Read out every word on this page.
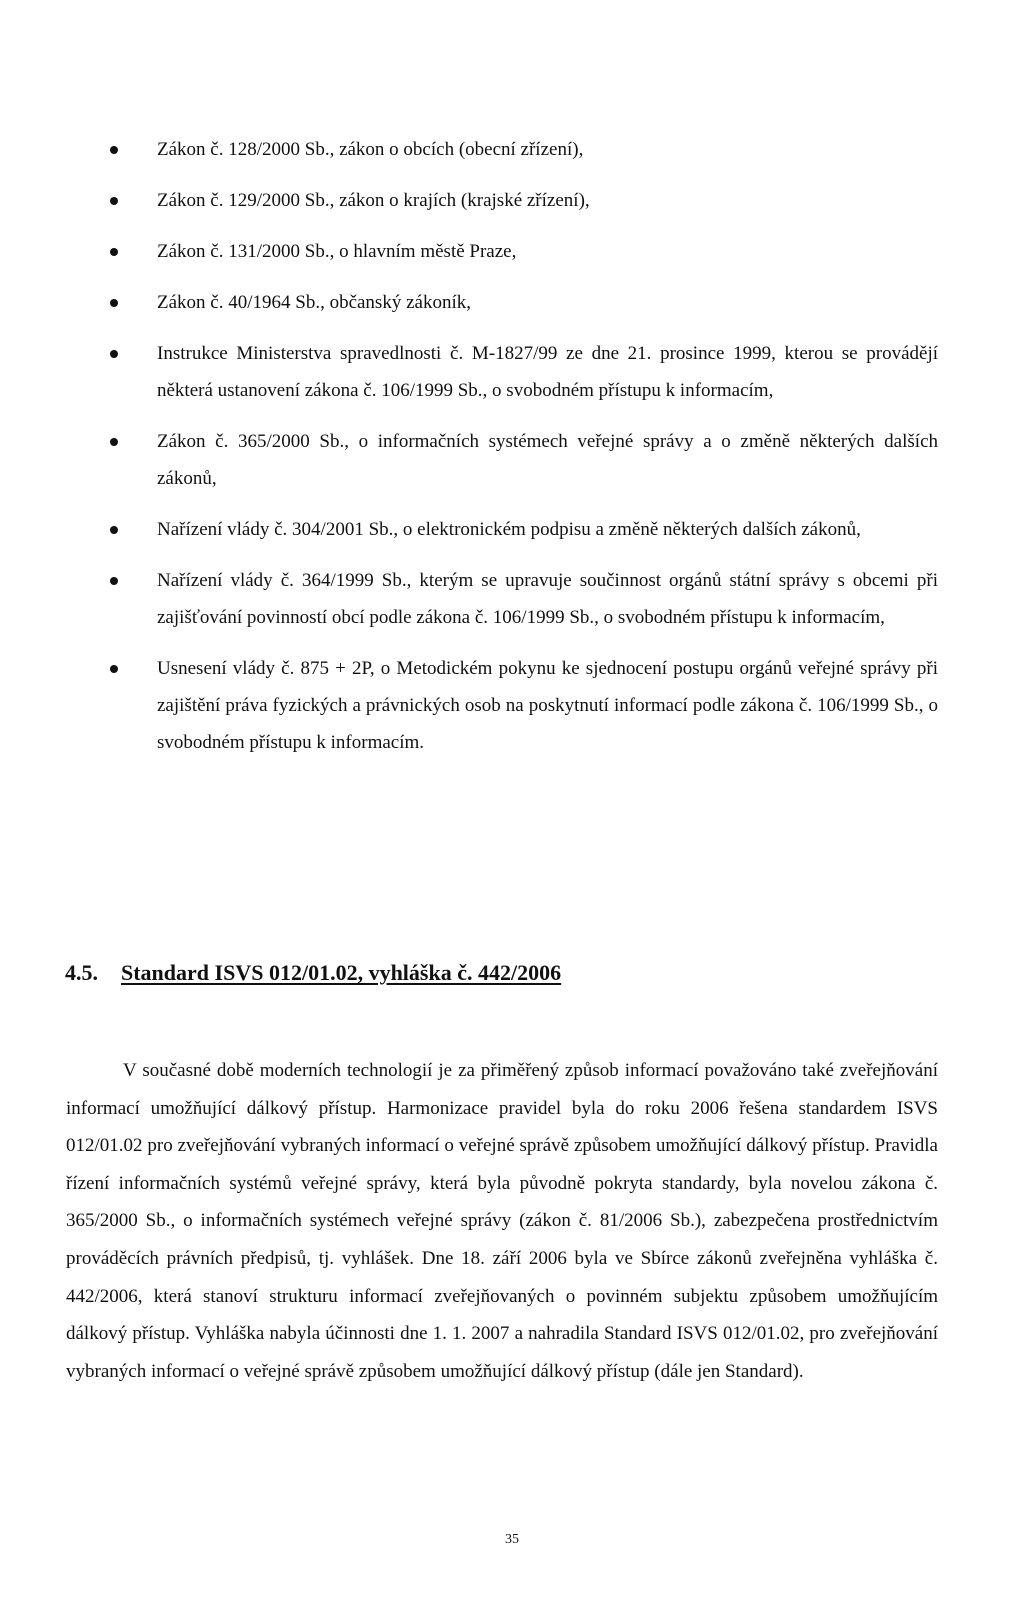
Zákon č. 128/2000 Sb., zákon o obcích (obecní zřízení),
Zákon č. 129/2000 Sb., zákon o krajích (krajské zřízení),
Zákon č. 131/2000 Sb., o hlavním městě Praze,
Zákon č. 40/1964 Sb., občanský zákoník,
Instrukce Ministerstva spravedlnosti č. M-1827/99 ze dne 21. prosince 1999, kterou se provádějí některá ustanovení zákona č. 106/1999 Sb., o svobodném přístupu k informacím,
Zákon č. 365/2000 Sb., o informačních systémech veřejné správy a o změně některých dalších zákonů,
Nařízení vlády č. 304/2001 Sb., o elektronickém podpisu a změně některých dalších zákonů,
Nařízení vlády č. 364/1999 Sb., kterým se upravuje součinnost orgánů státní správy s obcemi při zajišťování povinností obcí podle zákona č. 106/1999 Sb., o svobodném přístupu k informacím,
Usnesení vlády č. 875 + 2P, o Metodickém pokynu ke sjednocení postupu orgánů veřejné správy při zajištění práva fyzických a právnických osob na poskytnutí informací podle zákona č. 106/1999 Sb., o svobodném přístupu k informacím.
4.5. Standard ISVS 012/01.02, vyhláška č. 442/2006

V současné době moderních technologií je za přiměřený způsob informací považováno také zveřejňování informací umožňující dálkový přístup. Harmonizace pravidel byla do roku 2006 řešena standardem ISVS 012/01.02 pro zveřejňování vybraných informací o veřejné správě způsobem umožňující dálkový přístup. Pravidla řízení informačních systémů veřejné správy, která byla původně pokryta standardy, byla novelou zákona č. 365/2000 Sb., o informačních systémech veřejné správy (zákon č. 81/2006 Sb.), zabezpečena prostřednictvím prováděcích právních předpisů, tj. vyhlášek. Dne 18. září 2006 byla ve Sbírce zákonů zveřejněna vyhláška č. 442/2006, která stanoví strukturu informací zveřejňovaných o povinném subjektu způsobem umožňujícím dálkový přístup. Vyhláška nabyla účinnosti dne 1. 1. 2007 a nahradila Standard ISVS 012/01.02, pro zveřejňování vybraných informací o veřejné správě způsobem umožňující dálkový přístup (dále jen Standard).

35
